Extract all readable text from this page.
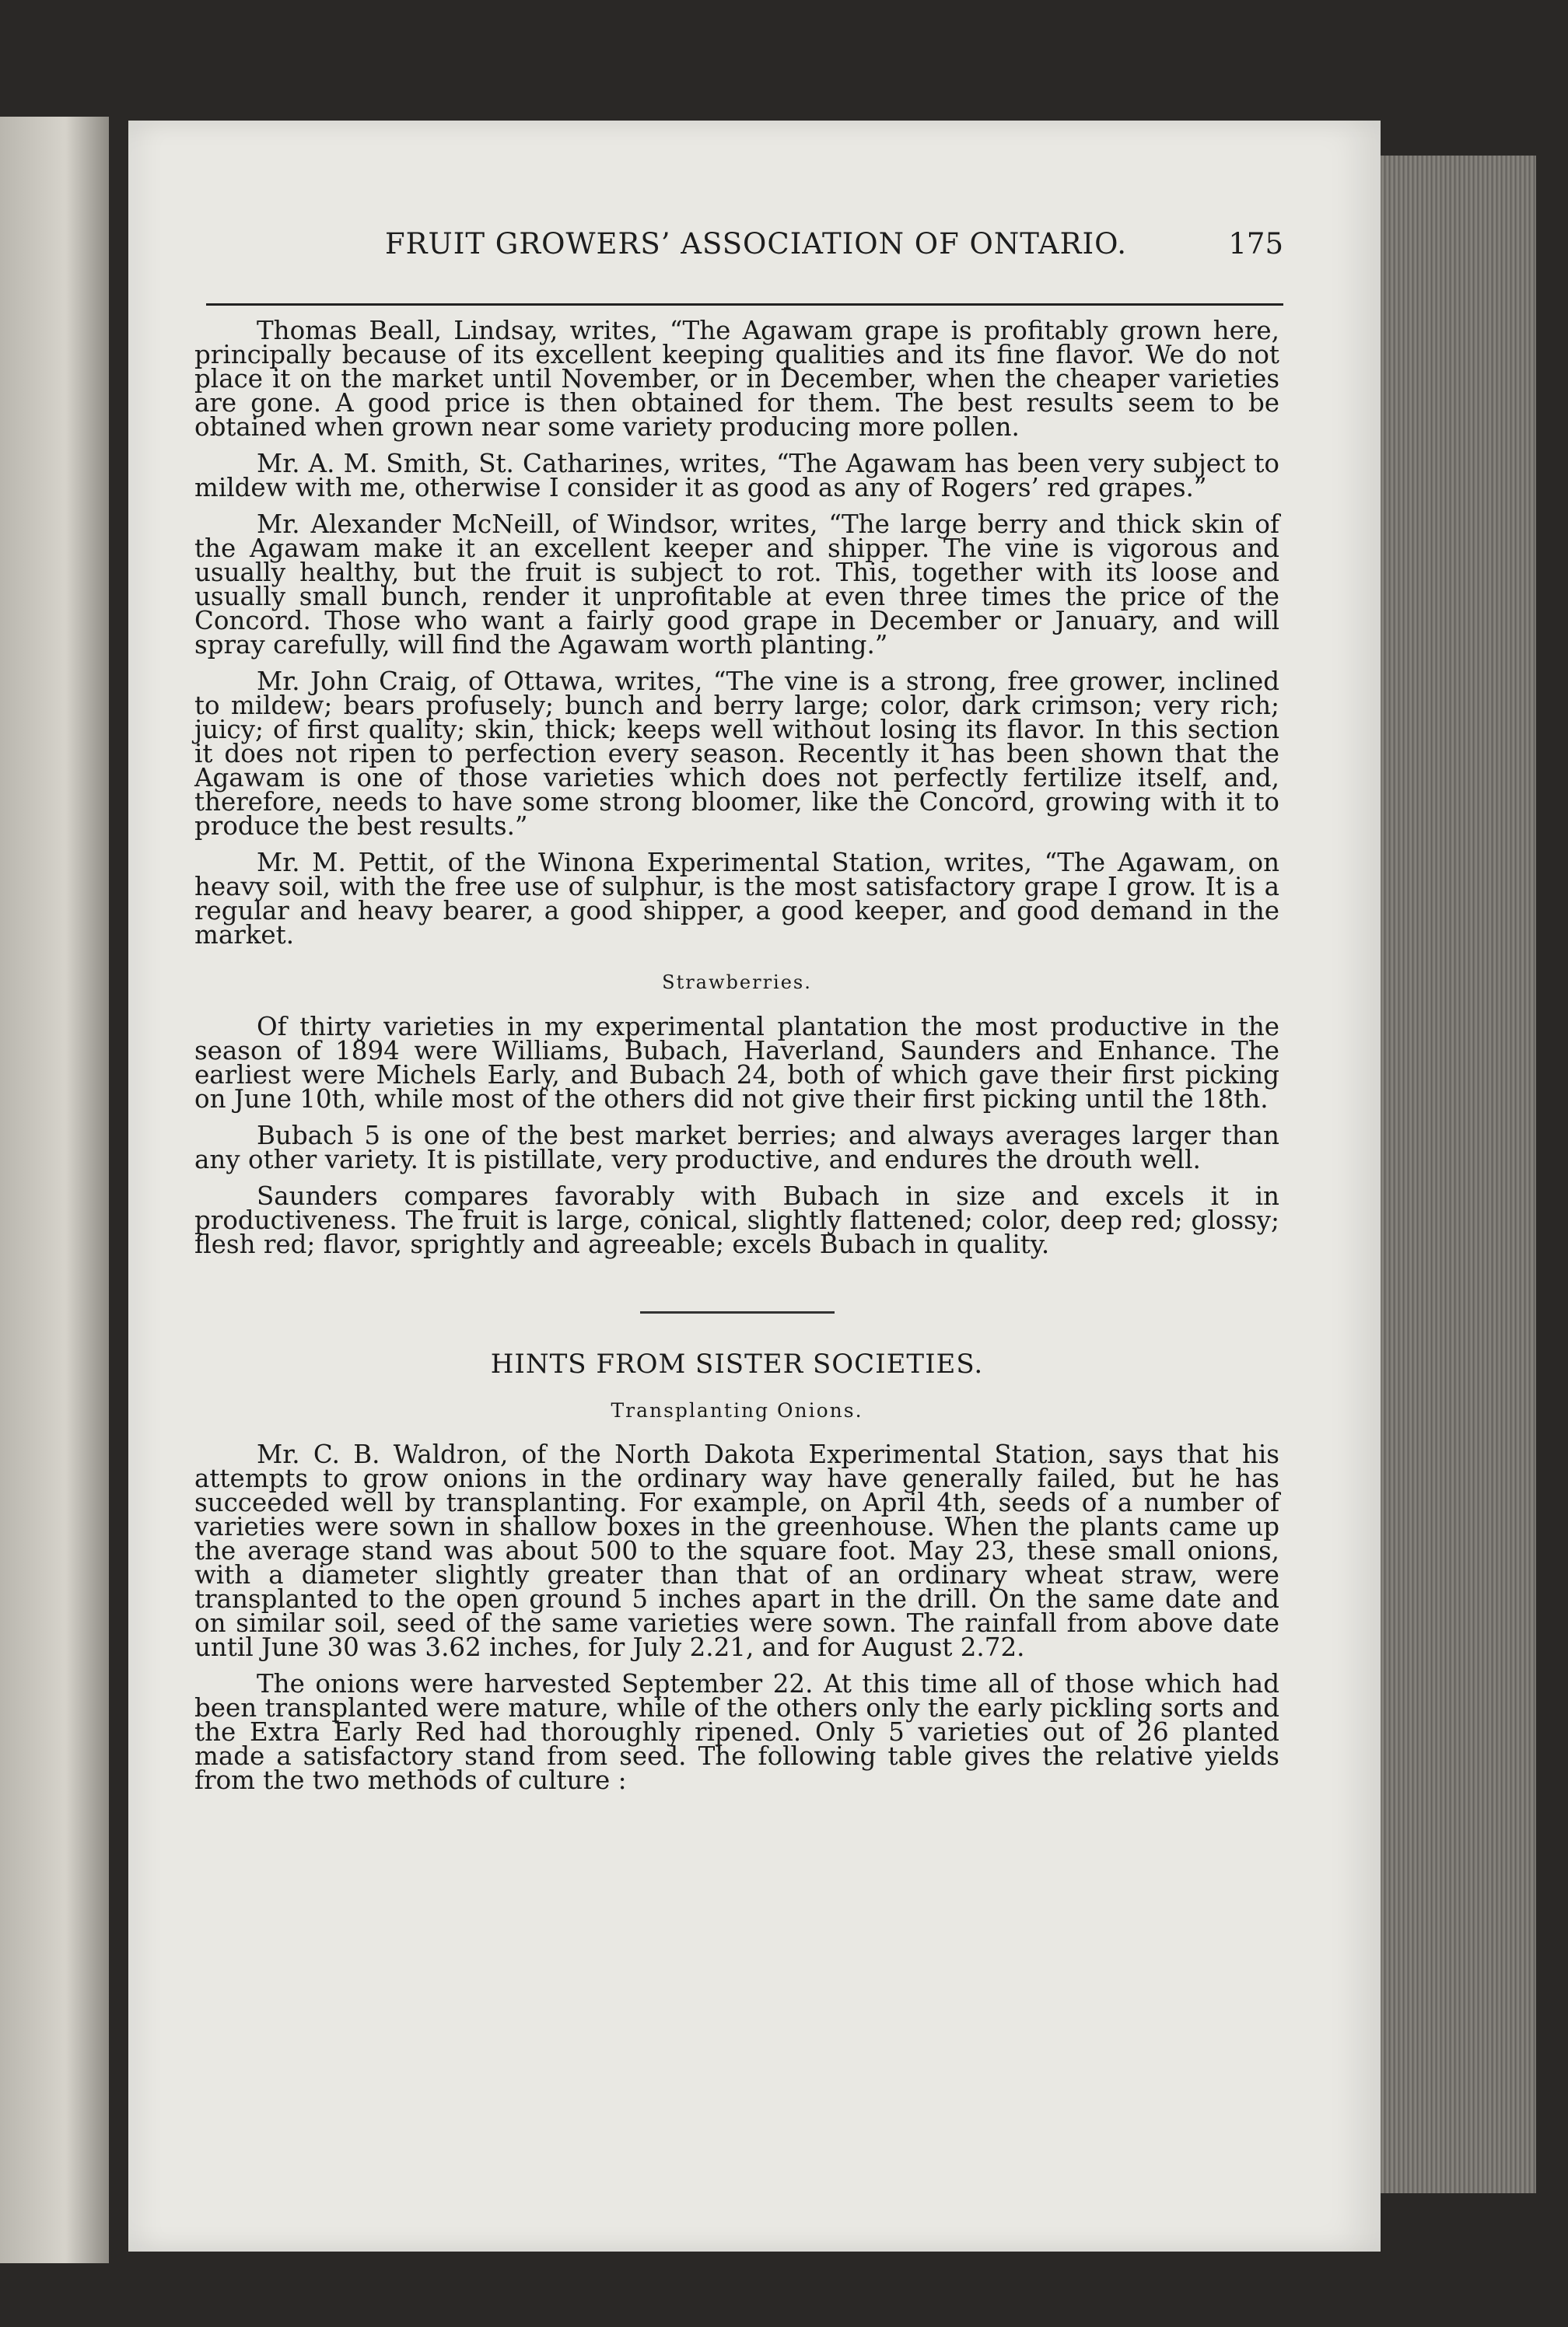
FRUIT GROWERS’ ASSOCIATION OF ONTARIO.	175

Thomas Beall, Lindsay, writes, “The Agawam grape is profitably grown here, principally because of its excellent keeping qualities and its fine flavor. We do not place it on the market until November, or in December, when the cheaper varieties are gone. A good price is then obtained for them. The best results seem to be obtained when grown near some variety producing more pollen.

Mr. A. M. Smith, St. Catharines, writes, “The Agawam has been very subject to mildew with me, otherwise I consider it as good as any of Rogers’ red grapes.”

Mr. Alexander McNeill, of Windsor, writes, “The large berry and thick skin of the Agawam make it an excellent keeper and shipper. The vine is vigorous and usually healthy, but the fruit is subject to rot. This, together with its loose and usually small bunch, render it unprofitable at even three times the price of the Concord. Those who want a fairly good grape in December or January, and will spray carefully, will find the Agawam worth planting.”

Mr. John Craig, of Ottawa, writes, “The vine is a strong, free grower, inclined to mildew; bears profusely; bunch and berry large; color, dark crimson; very rich; juicy; of first quality; skin, thick; keeps well without losing its flavor. In this section it does not ripen to perfection every season. Recently it has been shown that the Agawam is one of those varieties which does not perfectly fertilize itself, and, therefore, needs to have some strong bloomer, like the Concord, growing with it to produce the best results.”

Mr. M. Pettit, of the Winona Experimental Station, writes, “The Agawam, on heavy soil, with the free use of sulphur, is the most satisfactory grape I grow. It is a regular and heavy bearer, a good shipper, a good keeper, and good demand in the market.

Strawberries.

Of thirty varieties in my experimental plantation the most productive in the season of 1894 were Williams, Bubach, Haverland, Saunders and Enhance. The earliest were Michels Early, and Bubach 24, both of which gave their first picking on June 10th, while most of the others did not give their first picking until the 18th.

Bubach 5 is one of the best market berries; and always averages larger than any other variety. It is pistillate, very productive, and endures the drouth well.

Saunders compares favorably with Bubach in size and excels it in productiveness. The fruit is large, conical, slightly flattened; color, deep red; glossy; flesh red; flavor, sprightly and agreeable; excels Bubach in quality.

HINTS FROM SISTER SOCIETIES.
Transplanting Onions.

Mr. C. B. Waldron, of the North Dakota Experimental Station, says that his attempts to grow onions in the ordinary way have generally failed, but he has succeeded well by transplanting. For example, on April 4th, seeds of a number of varieties were sown in shallow boxes in the greenhouse. When the plants came up the average stand was about 500 to the square foot. May 23, these small onions, with a diameter slightly greater than that of an ordinary wheat straw, were transplanted to the open ground 5 inches apart in the drill. On the same date and on similar soil, seed of the same varieties were sown. The rainfall from above date until June 30 was 3.62 inches, for July 2.21, and for August 2.72.

The onions were harvested September 22. At this time all of those which had been transplanted were mature, while of the others only the early pickling sorts and the Extra Early Red had thoroughly ripened. Only 5 varieties out of 26 planted made a satisfactory stand from seed. The following table gives the relative yields from the two methods of culture :
